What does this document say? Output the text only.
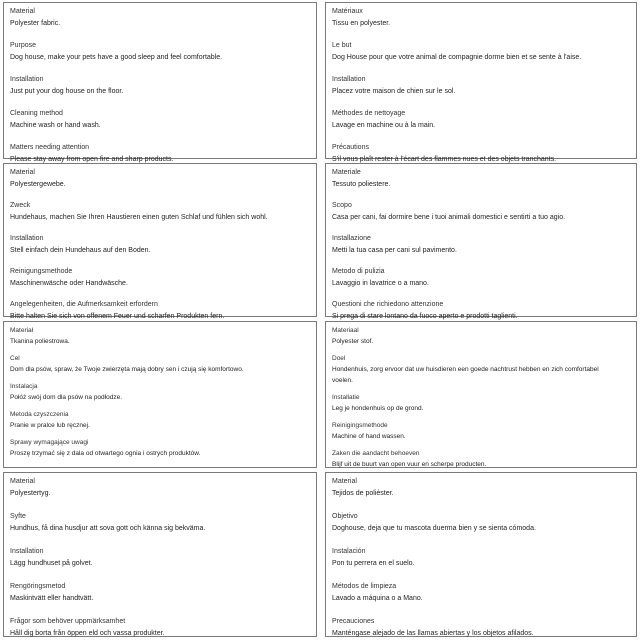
Material

Polyester fabric.

Purpose

Dog house, make your pets have a good sleep and feel comfortable.

Installation

Just put your dog house on the floor.

Cleaning method

Machine wash or hand wash.

Matters needing attention

Please stay away from open fire and sharp products.

Matériaux

Tissu en polyester.

Le but

Dog House pour que votre animal de compagnie dorme bien et se sente à l'aise.

Installation

Placez votre maison de chien sur le sol.

Méthodes de nettoyage

Lavage en machine ou à la main.

Précautions

S'il vous plaît rester à l'écart des flammes nues et des objets tranchants.

Material

Polyestergewebe.

Zweck

Hundehaus, machen Sie Ihren Haustieren einen guten Schlaf und fühlen sich wohl.

Installation

Stell einfach dein Hundehaus auf den Boden.

Reinigungsmethode

Maschinenwäsche oder Handwäsche.

Angelegenheiten, die Aufmerksamkeit erfordern

Bitte halten Sie sich von offenem Feuer und scharfen Produkten fern.

Materiale

Tessuto poliestere.

Scopo

Casa per cani, fai dormire bene i tuoi animali domestici e sentirti a tuo agio.

Installazione

Metti la tua casa per cani sul pavimento.

Metodo di pulizia

Lavaggio in lavatrice o a mano.

Questioni che richiedono attenzione

Si prega di stare lontano da fuoco aperto e prodotti taglienti.

Materiał

Tkanina poliestrowa.

Cel

Dom dla psów, spraw, że Twoje zwierzęta mają dobry sen i czują się komfortowo.

Instalacja

Połóż swój dom dla psów na podłodze.

Metoda czyszczenia

Pranie w pralce lub ręcznej.

Sprawy wymagające uwagi

Proszę trzymać się z dala od otwartego ognia i ostrych produktów.

Materiaal

Polyester stof.

Doel

Hondenhuis, zorg ervoor dat uw huisdieren een goede nachtrust hebben en zich comfortabel

voelen.

Installatie

Leg je hondenhuis op de grond.

Reinigingsmethode

Machine of hand wassen.

Zaken die aandacht behoeven

Blijf uit de buurt van open vuur en scherpe producten.

Material

Polyestertyg.

Syfte

Hundhus, få dina husdjur att sova gott och känna sig bekväma.

Installation

Lägg hundhuset på golvet.

Rengöringsmetod

Maskintvätt eller handtvätt.

Frågor som behöver uppmärksamhet

Håll dig borta från öppen eld och vassa produkter.

Material

Tejidos de poliéster.

Objetivo

Doghouse, deja que tu mascota duerma bien y se sienta cómoda.

Instalación

Pon tu perrera en el suelo.

Métodos de limpieza

Lavado a máquina o a Mano.

Precauciones

Manténgase alejado de las llamas abiertas y los objetos afilados.
